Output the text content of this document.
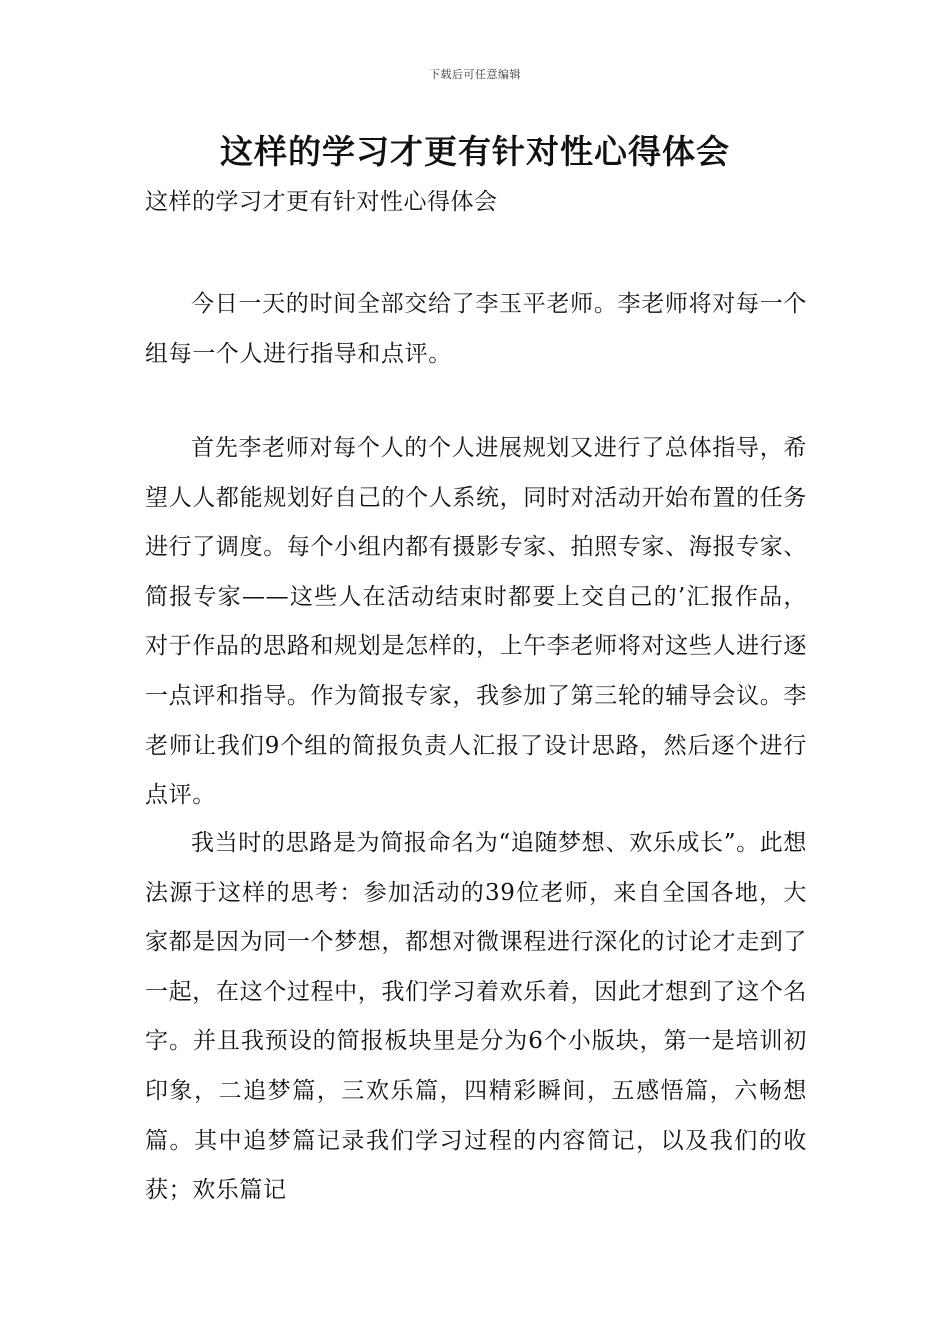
下载后可任意编辑
这样的学习才更有针对性心得体会
这样的学习才更有针对性心得体会

今日一天的时间全部交给了李玉平老师。李老师将对每一个组每一个人进行指导和点评。

首先李老师对每个人的个人进展规划又进行了总体指导，希望人人都能规划好自己的个人系统，同时对活动开始布置的任务进行了调度。每个小组内都有摄影专家、拍照专家、海报专家、简报专家——这些人在活动结束时都要上交自己的’汇报作品，对于作品的思路和规划是怎样的，上午李老师将对这些人进行逐一点评和指导。作为简报专家，我参加了第三轮的辅导会议。李老师让我们9个组的简报负责人汇报了设计思路，然后逐个进行点评。

我当时的思路是为简报命名为“追随梦想、欢乐成长”。此想法源于这样的思考：参加活动的39位老师，来自全国各地，大家都是因为同一个梦想，都想对微课程进行深化的讨论才走到了一起，在这个过程中，我们学习着欢乐着，因此才想到了这个名字。并且我预设的简报板块里是分为6个小版块，第一是培训初印象，二追梦篇，三欢乐篇，四精彩瞬间，五感悟篇，六畅想篇。其中追梦篇记录我们学习过程的内容简记，以及我们的收获；欢乐篇记
